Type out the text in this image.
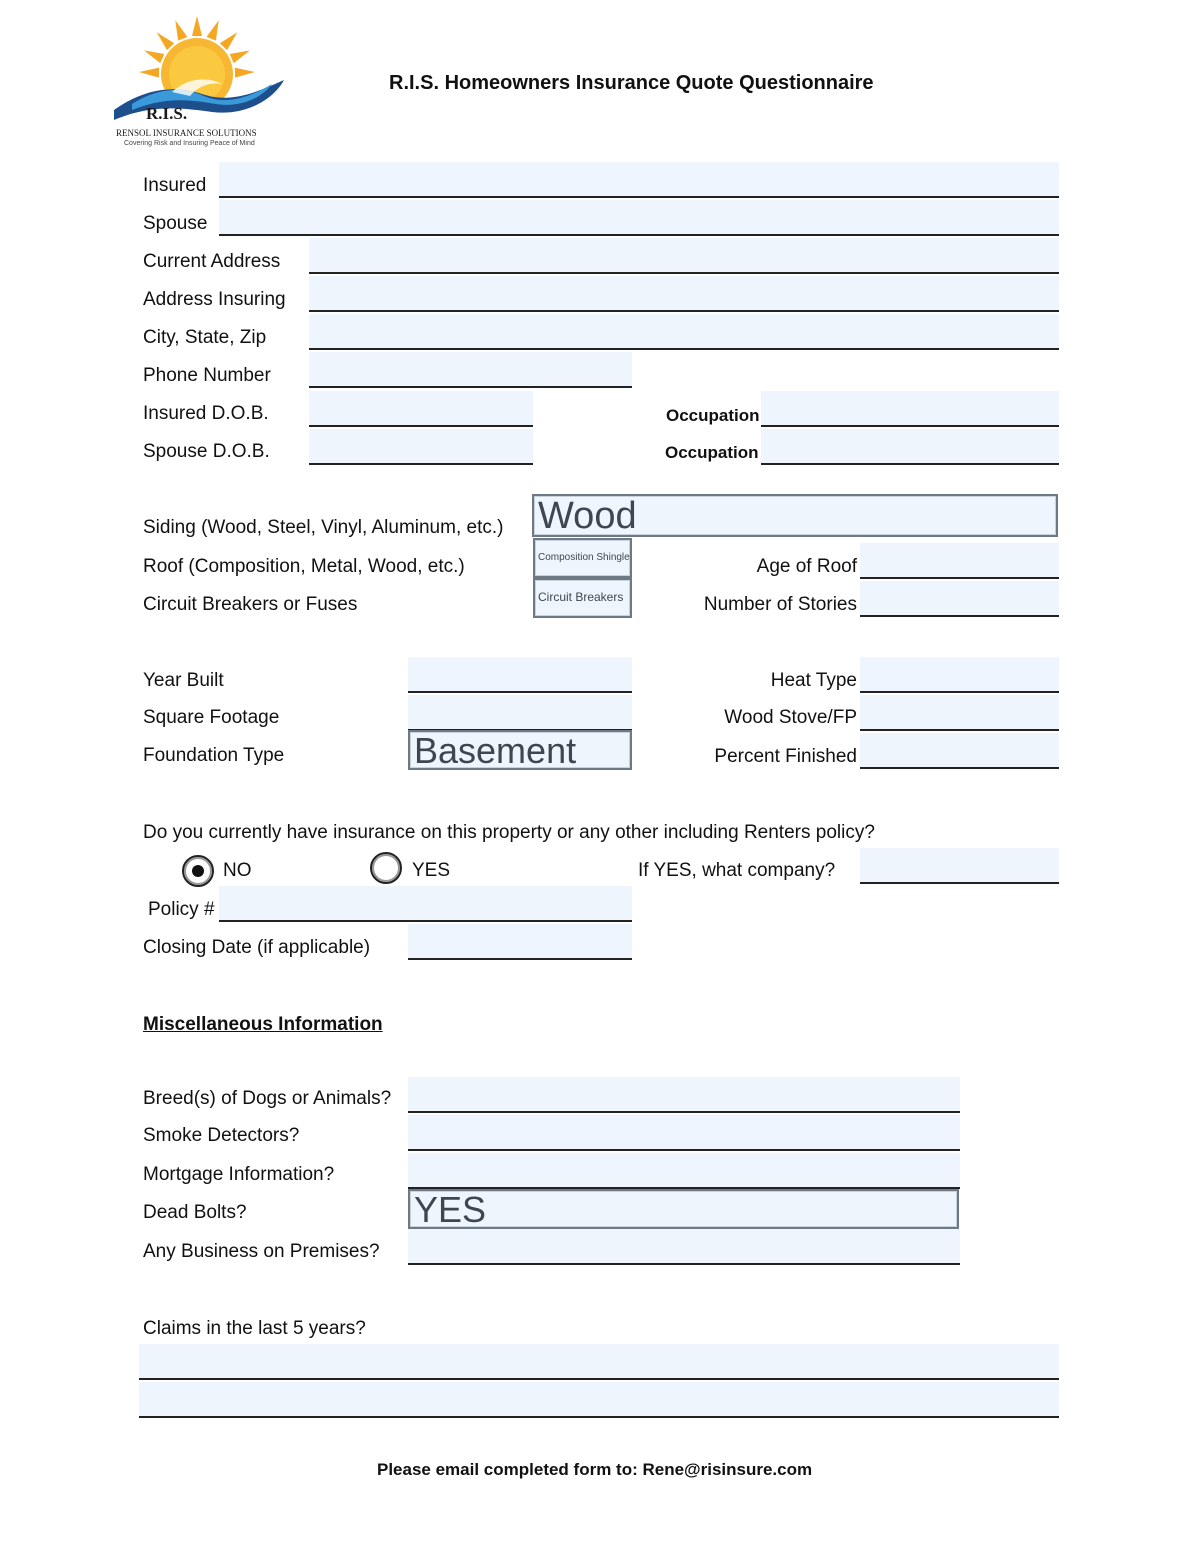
R.I.S.
RENSOL INSURANCE SOLUTIONS
Covering Risk and Insuring Peace of Mind
R.I.S. Homeowners Insurance Quote Questionnaire
Insured
Spouse
Current Address
Address Insuring
City, State, Zip
Phone Number
Insured D.O.B.	Occupation
Spouse D.O.B.	Occupation
Siding (Wood, Steel, Vinyl, Aluminum, etc.) Wood
Roof (Composition, Metal, Wood, etc.)	Composition Shingle	Age of Roof
Circuit Breakers or Fuses	Circuit Breakers	Number of Stories
Year Built	Heat Type
Square Footage	Wood Stove/FP
Foundation Type	Basement	Percent Finished
Do you currently have insurance on this property or any other including Renters policy?
NO	YES	If YES, what company?
Policy #
Closing Date (if applicable)
Miscellaneous Information
Breed(s) of Dogs or Animals?
Smoke Detectors?
Mortgage Information?
Dead Bolts?	YES
Any Business on Premises?
Claims in the last 5 years?
Please email completed form to: Rene@risinsure.com
